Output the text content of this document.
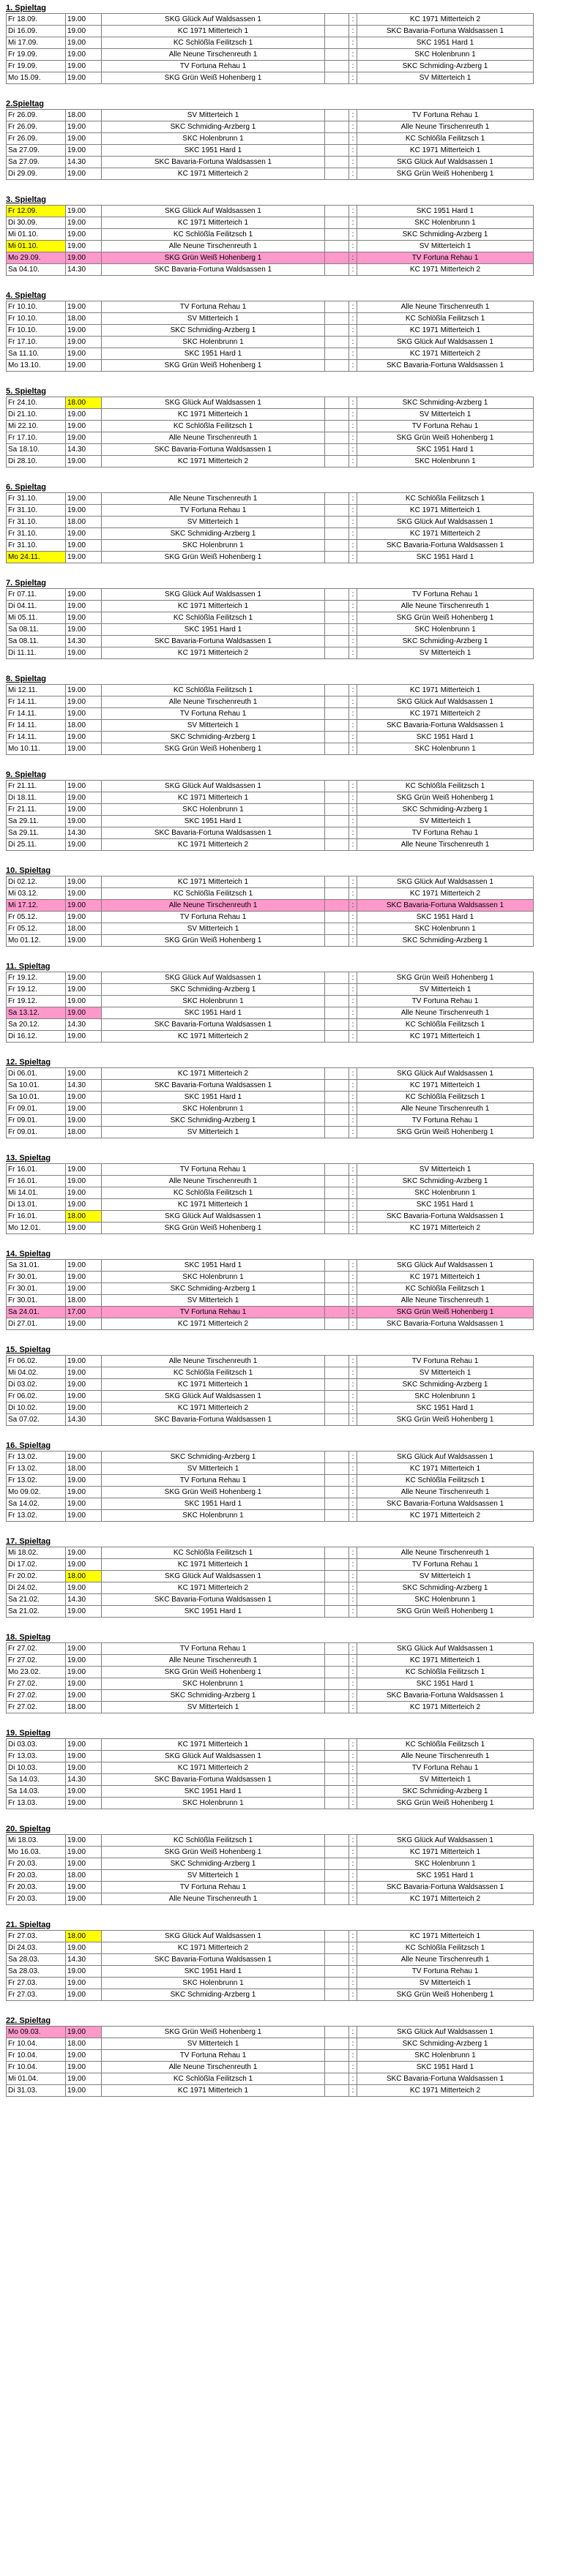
1. Spieltag

Fr 18.09.	19.00	SKG Glück Auf Waldsassen 1		:	KC 1971 Mitterteich 2
Di 16.09.	19.00	KC 1971 Mitterteich 1		:	SKC Bavaria-Fortuna Waldsassen 1
Mi 17.09.	19.00	KC Schlößla Feilitzsch 1		:	SKC 1951 Hard 1
Fr 19.09.	19.00	Alle Neune Tirschenreuth 1		:	SKC Holenbrunn 1
Fr 19.09.	19.00	TV Fortuna Rehau 1		:	SKC Schmiding-Arzberg 1
Mo 15.09.	19.00	SKG Grün Weiß Hohenberg 1		:	SV Mitterteich 1

2.Spieltag

Fr 26.09.	18.00	SV Mitterteich 1		:	TV Fortuna Rehau 1
Fr 26.09.	19.00	SKC Schmiding-Arzberg 1		:	Alle Neune Tirschenreuth 1
Fr 26.09.	19.00	SKC Holenbrunn 1		:	KC Schlößla Feilitzsch 1
Sa 27.09.	19.00	SKC 1951 Hard 1		:	KC 1971 Mitterteich 1
Sa 27.09.	14.30	SKC Bavaria-Fortuna Waldsassen 1		:	SKG Glück Auf Waldsassen 1
Di 29.09.	19.00	KC 1971 Mitterteich 2		:	SKG Grün Weiß Hohenberg 1

3. Spieltag

Fr 12.09.	19.00	SKG Glück Auf Waldsassen 1		:	SKC 1951 Hard 1
Di 30.09.	19.00	KC 1971 Mitterteich 1		:	SKC Holenbrunn 1
Mi 01.10.	19.00	KC Schlößla Feilitzsch 1		:	SKC Schmiding-Arzberg 1
Mi 01.10.	19.00	Alle Neune Tirschenreuth 1		:	SV Mitterteich 1
Mo 29.09.	19.00	SKG Grün Weiß Hohenberg 1		:	TV Fortuna Rehau 1
Sa 04.10.	14.30	SKC Bavaria-Fortuna Waldsassen 1		:	KC 1971 Mitterteich 2

4. Spieltag

Fr 10.10.	19.00	TV Fortuna Rehau 1		:	Alle Neune Tirschenreuth 1
Fr 10.10.	18.00	SV Mitterteich 1		:	KC Schlößla Feilitzsch 1
Fr 10.10.	19.00	SKC Schmiding-Arzberg 1		:	KC 1971 Mitterteich 1
Fr 17.10.	19.00	SKC Holenbrunn 1		:	SKG Glück Auf Waldsassen 1
Sa 11.10.	19.00	SKC 1951 Hard 1		:	KC 1971 Mitterteich 2
Mo 13.10.	19.00	SKG Grün Weiß Hohenberg 1		:	SKC Bavaria-Fortuna Waldsassen 1

5. Spieltag

Fr 24.10.	18.00	SKG Glück Auf Waldsassen 1		:	SKC Schmiding-Arzberg 1
Di 21.10.	19.00	KC 1971 Mitterteich 1		:	SV Mitterteich 1
Mi 22.10.	19.00	KC Schlößla Feilitzsch 1		:	TV Fortuna Rehau 1
Fr 17.10.	19.00	Alle Neune Tirschenreuth 1		:	SKG Grün Weiß Hohenberg 1
Sa 18.10.	14.30	SKC Bavaria-Fortuna Waldsassen 1		:	SKC 1951 Hard 1
Di 28.10.	19.00	KC 1971 Mitterteich 2		:	SKC Holenbrunn 1

6. Spieltag

Fr 31.10.	19.00	Alle Neune Tirschenreuth 1		:	KC Schlößla Feilitzsch 1
Fr 31.10.	19.00	TV Fortuna Rehau 1		:	KC 1971 Mitterteich 1
Fr 31.10.	18.00	SV Mitterteich 1		:	SKG Glück Auf Waldsassen 1
Fr 31.10.	19.00	SKC Schmiding-Arzberg 1		:	KC 1971 Mitterteich 2
Fr 31.10.	19.00	SKC Holenbrunn 1		:	SKC Bavaria-Fortuna Waldsassen 1
Mo 24.11.	19.00	SKG Grün Weiß Hohenberg 1		:	SKC 1951 Hard 1

7. Spieltag

Fr 07.11.	19.00	SKG Glück Auf Waldsassen 1		:	TV Fortuna Rehau 1
Di 04.11.	19.00	KC 1971 Mitterteich 1		:	Alle Neune Tirschenreuth 1
Mi 05.11.	19.00	KC Schlößla Feilitzsch 1		:	SKG Grün Weiß Hohenberg 1
Sa 08.11.	19.00	SKC 1951 Hard 1		:	SKC Holenbrunn 1
Sa 08.11.	14.30	SKC Bavaria-Fortuna Waldsassen 1		:	SKC Schmiding-Arzberg 1
Di 11.11.	19.00	KC 1971 Mitterteich 2		:	SV Mitterteich 1

8. Spieltag

Mi 12.11.	19.00	KC Schlößla Feilitzsch 1		:	KC 1971 Mitterteich 1
Fr 14.11.	19.00	Alle Neune Tirschenreuth 1		:	SKG Glück Auf Waldsassen 1
Fr 14.11.	19.00	TV Fortuna Rehau 1		:	KC 1971 Mitterteich 2
Fr 14.11.	18.00	SV Mitterteich 1		:	SKC Bavaria-Fortuna Waldsassen 1
Fr 14.11.	19.00	SKC Schmiding-Arzberg 1		:	SKC 1951 Hard 1
Mo 10.11.	19.00	SKG Grün Weiß Hohenberg 1		:	SKC Holenbrunn 1

9. Spieltag

Fr 21.11.	19.00	SKG Glück Auf Waldsassen 1		:	KC Schlößla Feilitzsch 1
Di 18.11.	19.00	KC 1971 Mitterteich 1		:	SKG Grün Weiß Hohenberg 1
Fr 21.11.	19.00	SKC Holenbrunn 1		:	SKC Schmiding-Arzberg 1
Sa 29.11.	19.00	SKC 1951 Hard 1		:	SV Mitterteich 1
Sa 29.11.	14.30	SKC Bavaria-Fortuna Waldsassen 1		:	TV Fortuna Rehau 1
Di 25.11.	19.00	KC 1971 Mitterteich 2		:	Alle Neune Tirschenreuth 1

10. Spieltag

Di 02.12.	19.00	KC 1971 Mitterteich 1		:	SKG Glück Auf Waldsassen 1
Mi 03.12.	19.00	KC Schlößla Feilitzsch 1		:	KC 1971 Mitterteich 2
Mi 17.12.	19.00	Alle Neune Tirschenreuth 1		:	SKC Bavaria-Fortuna Waldsassen 1
Fr 05.12.	19.00	TV Fortuna Rehau 1		:	SKC 1951 Hard 1
Fr 05.12.	18.00	SV Mitterteich 1		:	SKC Holenbrunn 1
Mo 01.12.	19.00	SKG Grün Weiß Hohenberg 1		:	SKC Schmiding-Arzberg 1

11. Spieltag

Fr 19.12.	19.00	SKG Glück Auf Waldsassen 1		:	SKG Grün Weiß Hohenberg 1
Fr 19.12.	19.00	SKC Schmiding-Arzberg 1		:	SV Mitterteich 1
Fr 19.12.	19.00	SKC Holenbrunn 1		:	TV Fortuna Rehau 1
Sa 13.12.	19.00	SKC 1951 Hard 1		:	Alle Neune Tirschenreuth 1
Sa 20.12.	14.30	SKC Bavaria-Fortuna Waldsassen 1		:	KC Schlößla Feilitzsch 1
Di 16.12.	19.00	KC 1971 Mitterteich 2		:	KC 1971 Mitterteich 1

12. Spieltag

Di 06.01.	19.00	KC 1971 Mitterteich 2		:	SKG Glück Auf Waldsassen 1
Sa 10.01.	14.30	SKC Bavaria-Fortuna Waldsassen 1		:	KC 1971 Mitterteich 1
Sa 10.01.	19.00	SKC 1951 Hard 1		:	KC Schlößla Feilitzsch 1
Fr 09.01.	19.00	SKC Holenbrunn 1		:	Alle Neune Tirschenreuth 1
Fr 09.01.	19.00	SKC Schmiding-Arzberg 1		:	TV Fortuna Rehau 1
Fr 09.01.	18.00	SV Mitterteich 1		:	SKG Grün Weiß Hohenberg 1

13. Spieltag

Fr 16.01.	19.00	TV Fortuna Rehau 1		:	SV Mitterteich 1
Fr 16.01.	19.00	Alle Neune Tirschenreuth 1		:	SKC Schmiding-Arzberg 1
Mi 14.01.	19.00	KC Schlößla Feilitzsch 1		:	SKC Holenbrunn 1
Di 13.01.	19.00	KC 1971 Mitterteich 1		:	SKC 1951 Hard 1
Fr 16.01.	18.00	SKG Glück Auf Waldsassen 1		:	SKC Bavaria-Fortuna Waldsassen 1
Mo 12.01.	19.00	SKG Grün Weiß Hohenberg 1		:	KC 1971 Mitterteich 2

14. Spieltag

Sa 31.01.	19.00	SKC 1951 Hard 1		:	SKG Glück Auf Waldsassen 1
Fr 30.01.	19.00	SKC Holenbrunn 1		:	KC 1971 Mitterteich 1
Fr 30.01.	19.00	SKC Schmiding-Arzberg 1		:	KC Schlößla Feilitzsch 1
Fr 30.01.	18.00	SV Mitterteich 1		:	Alle Neune Tirschenreuth 1
Sa 24.01.	17.00	TV Fortuna Rehau 1		:	SKG Grün Weiß Hohenberg 1
Di 27.01.	19.00	KC 1971 Mitterteich 2		:	SKC Bavaria-Fortuna Waldsassen 1

15. Spieltag

Fr 06.02.	19.00	Alle Neune Tirschenreuth 1		:	TV Fortuna Rehau 1
Mi 04.02.	19.00	KC Schlößla Feilitzsch 1		:	SV Mitterteich 1
Di 03.02.	19.00	KC 1971 Mitterteich 1		:	SKC Schmiding-Arzberg 1
Fr 06.02.	19.00	SKG Glück Auf Waldsassen 1		:	SKC Holenbrunn 1
Di 10.02.	19.00	KC 1971 Mitterteich 2		:	SKC 1951 Hard 1
Sa 07.02.	14.30	SKC Bavaria-Fortuna Waldsassen 1		:	SKG Grün Weiß Hohenberg 1

16. Spieltag

Fr 13.02.	19.00	SKC Schmiding-Arzberg 1		:	SKG Glück Auf Waldsassen 1
Fr 13.02.	18.00	SV Mitterteich 1		:	KC 1971 Mitterteich 1
Fr 13.02.	19.00	TV Fortuna Rehau 1		:	KC Schlößla Feilitzsch 1
Mo 09.02.	19.00	SKG Grün Weiß Hohenberg 1		:	Alle Neune Tirschenreuth 1
Sa 14.02.	19.00	SKC 1951 Hard 1		:	SKC Bavaria-Fortuna Waldsassen 1
Fr 13.02.	19.00	SKC Holenbrunn 1		:	KC 1971 Mitterteich 2

17. Spieltag

Mi 18.02.	19.00	KC Schlößla Feilitzsch 1		:	Alle Neune Tirschenreuth 1
Di 17.02.	19.00	KC 1971 Mitterteich 1		:	TV Fortuna Rehau 1
Fr 20.02.	18.00	SKG Glück Auf Waldsassen 1		:	SV Mitterteich 1
Di 24.02.	19.00	KC 1971 Mitterteich 2		:	SKC Schmiding-Arzberg 1
Sa 21.02.	14.30	SKC Bavaria-Fortuna Waldsassen 1		:	SKC Holenbrunn 1
Sa 21.02.	19.00	SKC 1951 Hard 1		:	SKG Grün Weiß Hohenberg 1

18. Spieltag

Fr 27.02.	19.00	TV Fortuna Rehau 1		:	SKG Glück Auf Waldsassen 1
Fr 27.02.	19.00	Alle Neune Tirschenreuth 1		:	KC 1971 Mitterteich 1
Mo 23.02.	19.00	SKG Grün Weiß Hohenberg 1		:	KC Schlößla Feilitzsch 1
Fr 27.02.	19.00	SKC Holenbrunn 1		:	SKC 1951 Hard 1
Fr 27.02.	19.00	SKC Schmiding-Arzberg 1		:	SKC Bavaria-Fortuna Waldsassen 1
Fr 27.02.	18.00	SV Mitterteich 1		:	KC 1971 Mitterteich 2

19. Spieltag

Di 03.03.	19.00	KC 1971 Mitterteich 1		:	KC Schlößla Feilitzsch 1
Fr 13.03.	19.00	SKG Glück Auf Waldsassen 1		:	Alle Neune Tirschenreuth 1
Di 10.03.	19.00	KC 1971 Mitterteich 2		:	TV Fortuna Rehau 1
Sa 14.03.	14.30	SKC Bavaria-Fortuna Waldsassen 1		:	SV Mitterteich 1
Sa 14.03.	19.00	SKC 1951 Hard 1		:	SKC Schmiding-Arzberg 1
Fr 13.03.	19.00	SKC Holenbrunn 1		:	SKG Grün Weiß Hohenberg 1

20. Spieltag

Mi 18.03.	19.00	KC Schlößla Feilitzsch 1		:	SKG Glück Auf Waldsassen 1
Mo 16.03.	19.00	SKG Grün Weiß Hohenberg 1		:	KC 1971 Mitterteich 1
Fr 20.03.	19.00	SKC Schmiding-Arzberg 1		:	SKC Holenbrunn 1
Fr 20.03.	18.00	SV Mitterteich 1		:	SKC 1951 Hard 1
Fr 20.03.	19.00	TV Fortuna Rehau 1		:	SKC Bavaria-Fortuna Waldsassen 1
Fr 20.03.	19.00	Alle Neune Tirschenreuth 1		:	KC 1971 Mitterteich 2

21. Spieltag

Fr 27.03.	18.00	SKG Glück Auf Waldsassen 1		:	KC 1971 Mitterteich 1
Di 24.03.	19.00	KC 1971 Mitterteich 2		:	KC Schlößla Feilitzsch 1
Sa 28.03.	14.30	SKC Bavaria-Fortuna Waldsassen 1		:	Alle Neune Tirschenreuth 1
Sa 28.03.	19.00	SKC 1951 Hard 1		:	TV Fortuna Rehau 1
Fr 27.03.	19.00	SKC Holenbrunn 1		:	SV Mitterteich 1
Fr 27.03.	19.00	SKC Schmiding-Arzberg 1		:	SKG Grün Weiß Hohenberg 1

22. Spieltag

Mo 09.03.	19.00	SKG Grün Weiß Hohenberg 1		:	SKG Glück Auf Waldsassen 1
Fr 10.04.	18.00	SV Mitterteich 1		:	SKC Schmiding-Arzberg 1
Fr 10.04.	19.00	TV Fortuna Rehau 1		:	SKC Holenbrunn 1
Fr 10.04.	19.00	Alle Neune Tirschenreuth 1		:	SKC 1951 Hard 1
Mi 01.04.	19.00	KC Schlößla Feilitzsch 1		:	SKC Bavaria-Fortuna Waldsassen 1
Di 31.03.	19.00	KC 1971 Mitterteich 1		:	KC 1971 Mitterteich 2
